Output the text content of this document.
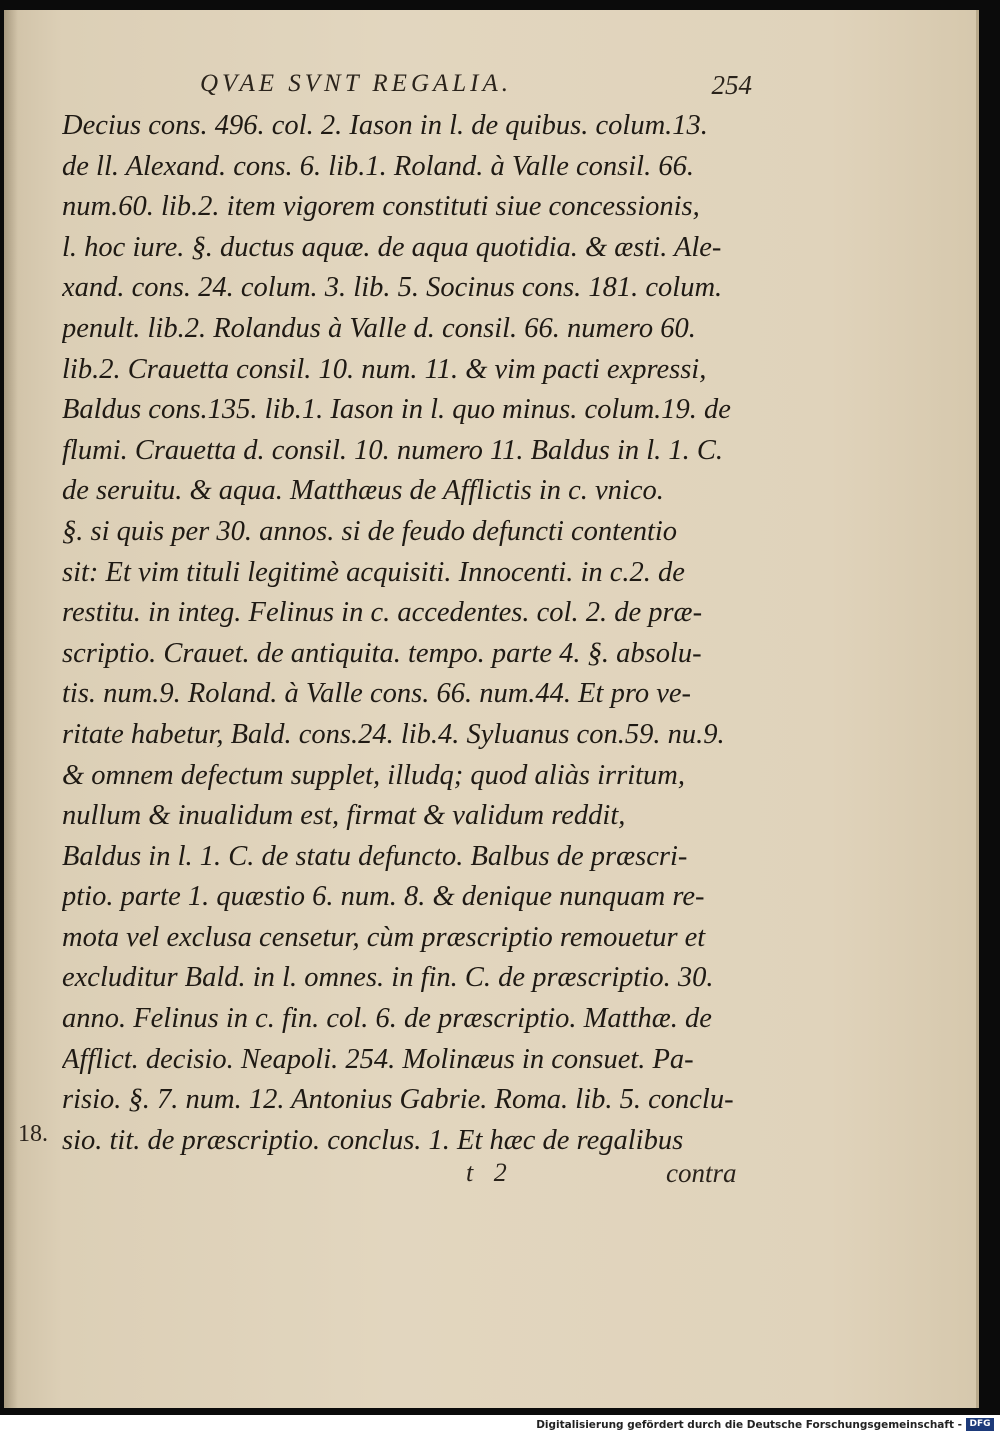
QVAE SVNT REGALIA.	254
Decius cons. 496. col. 2. Iason in l. de quibus. colum.13.
de ll. Alexand. cons. 6. lib.1. Roland. à Valle consil. 66.
num.60. lib.2. item vigorem constituti siue concessionis,
l. hoc iure. §. ductus aquæ. de aqua quotidia. & æsti. Ale-
xand. cons. 24. colum. 3. lib. 5. Socinus cons. 181. colum.
penult. lib.2. Rolandus à Valle d. consil. 66. numero 60.
lib.2. Crauetta consil. 10. num. 11. & vim pacti expressi,
Baldus cons.135. lib.1. Iason in l. quo minus. colum.19. de
flumi. Crauetta d. consil. 10. numero 11. Baldus in l. 1. C.
de seruitu. & aqua. Matthæus de Afflictis in c. vnico.
§. si quis per 30. annos. si de feudo defuncti contentio
sit: Et vim tituli legitimè acquisiti. Innocenti. in c.2. de
restitu. in integ. Felinus in c. accedentes. col. 2. de præ-
scriptio. Crauet. de antiquita. tempo. parte 4. §. absolu-
tis. num.9. Roland. à Valle cons. 66. num.44. Et pro ve-
ritate habetur, Bald. cons.24. lib.4. Syluanus con.59. nu.9.
& omnem defectum supplet, illudq; quod aliàs irritum,
nullum & inualidum est, firmat & validum reddit,
Baldus in l. 1. C. de statu defuncto. Balbus de præscri-
ptio. parte 1. quæstio 6. num. 8. & denique nunquam re-
mota vel exclusa censetur, cùm præscriptio remouetur et
excluditur Bald. in l. omnes. in fin. C. de præscriptio. 30.
anno. Felinus in c. fin. col. 6. de præscriptio. Matthæ. de
Afflict. decisio. Neapoli. 254. Molinæus in consuet. Pa-
risio. §. 7. num. 12. Antonius Gabrie. Roma. lib. 5. conclu-
sio. tit. de præscriptio. conclus. 1. Et hæc de regalibus
18.
t 2	contra
Digitalisierung gefördert durch die Deutsche Forschungsgemeinschaft - DFG
